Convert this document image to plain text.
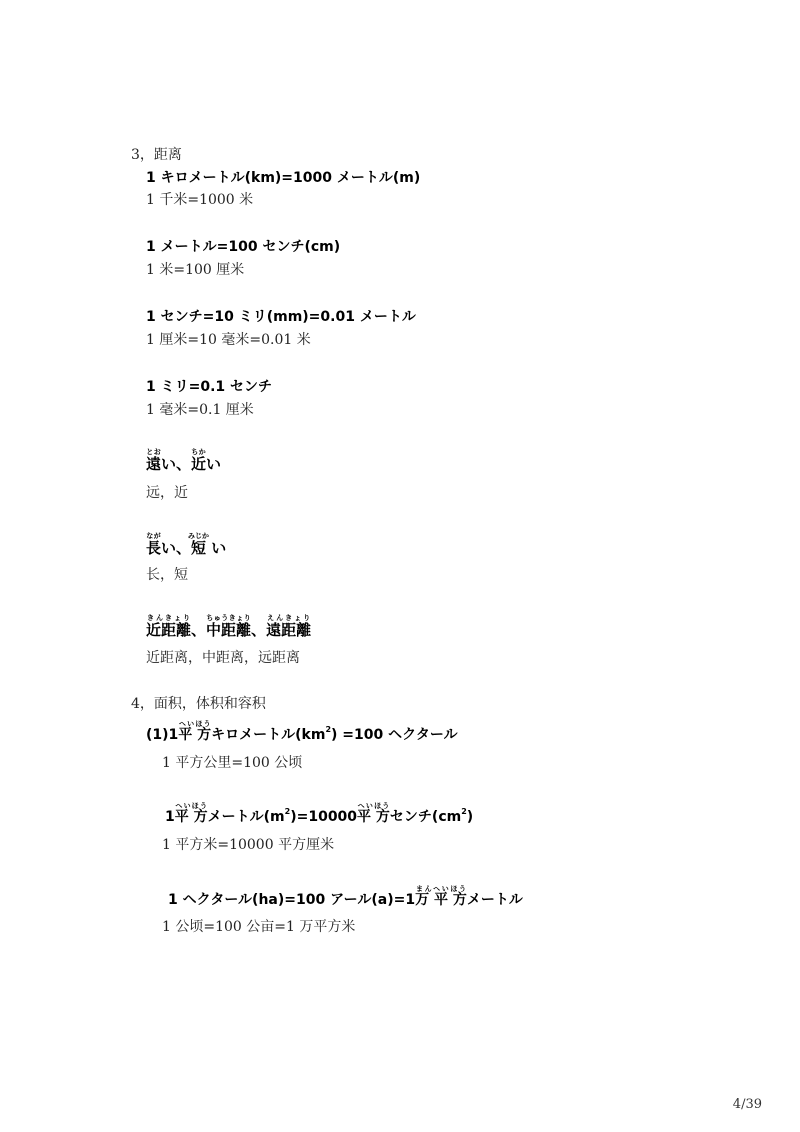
3，距离
1 キロメートル(km)=1000 メートル(m)
1 千米=1000 米
1 メートル=100 センチ(cm)
1 米=100 厘米
1 センチ=10 ミリ(mm)=0.01 メートル
1 厘米=10 毫米=0.01 米
1 ミリ=0.1 センチ
1 毫米=0.1 厘米
遠とおい、近ちかい
远，近
長ながい、短みじか い
长，短
近距離きんきょり、中距離ちゅうきょり、遠距離えんきょり
近距离，中距离，远距离
4，面积，体积和容积
(1)1平 方へいほうキロメートル$(km^2) =100$ ヘクタール
1 平方公里=100 公顷
1平 方へいほうメートル$(m^2)=10000$平 方へいほうセンチ$(cm^2)$
1 平方米=10000 平方厘米
1 ヘクタール(ha)=100 アール(a)=1万 平 方まんへいほうメートル
1 公顷=100 公亩=1 万平方米
4/39
